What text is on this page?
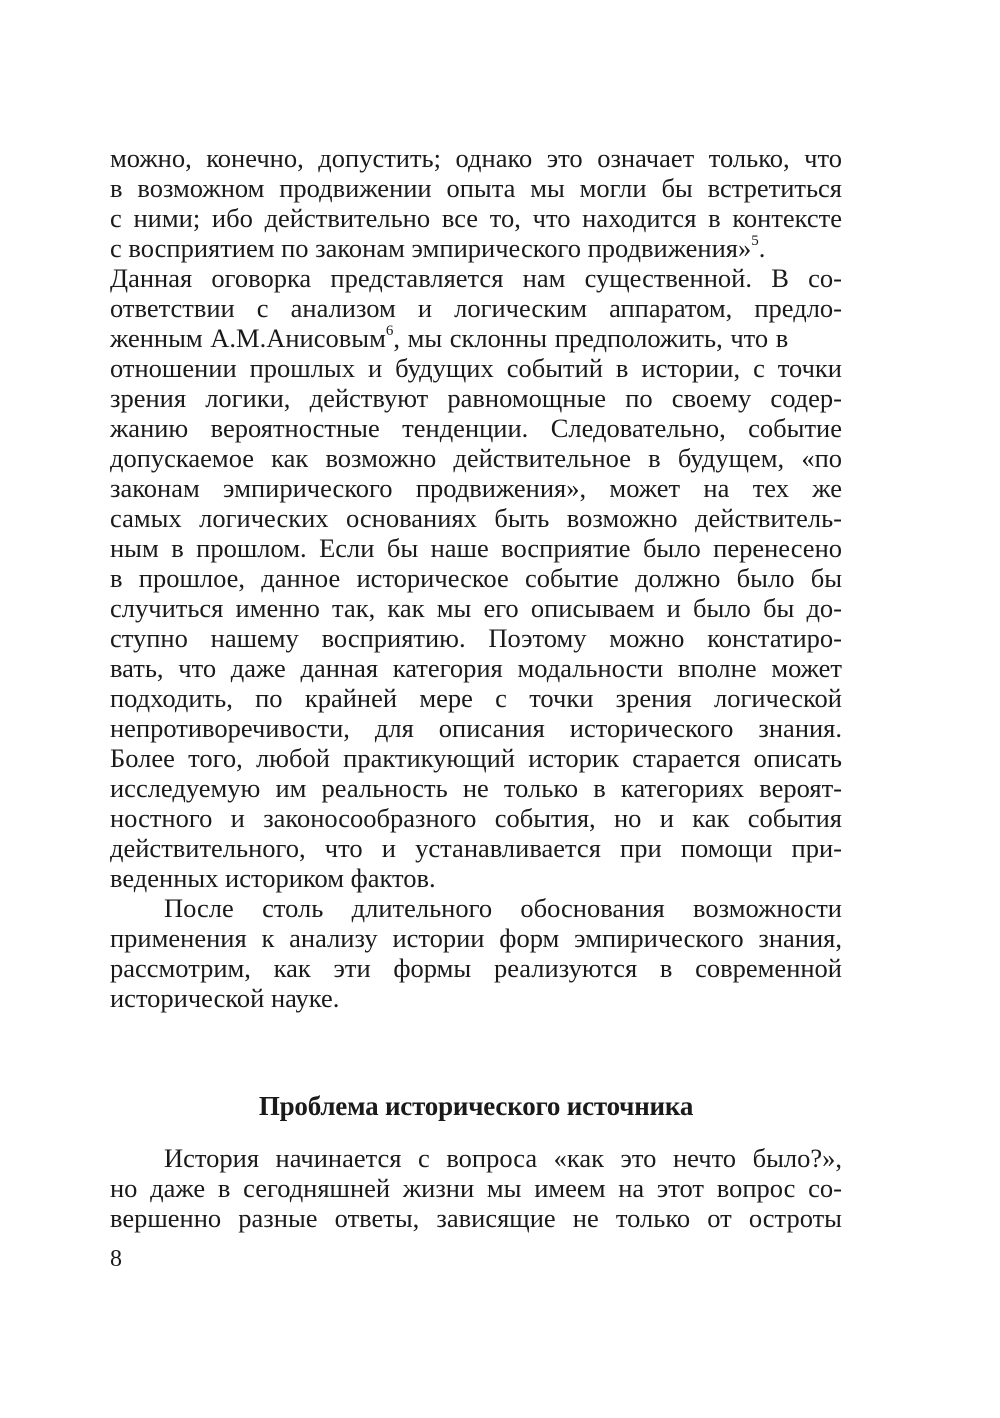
можно, конечно, допустить; однако это означает только, что
в возможном продвижении опыта мы могли бы встретиться
с ними; ибо действительно все то, что находится в контексте
с восприятием по законам эмпирического продвижения»$^5$.
Данная оговорка представляется нам существенной. В со-
ответствии с анализом и логическим аппаратом, предло-
женным А.М.Анисовым$^6$, мы склонны предположить, что в
отношении прошлых и будущих событий в истории, с точки
зрения логики, действуют равномощные по своему содер-
жанию вероятностные тенденции. Следовательно, событие
допускаемое как возможно действительное в будущем, «по
законам эмпирического продвижения», может на тех же
самых логических основаниях быть возможно действитель-
ным в прошлом. Если бы наше восприятие было перенесено
в прошлое, данное историческое событие должно было бы
случиться именно так, как мы его описываем и было бы до-
ступно нашему восприятию. Поэтому можно констатиро-
вать, что даже данная категория модальности вполне может
подходить, по крайней мере с точки зрения логической
непротиворечивости, для описания исторического знания.
Более того, любой практикующий историк старается описать
исследуемую им реальность не только в категориях вероят-
ностного и законосообразного события, но и как события
действительного, что и устанавливается при помощи при-
веденных историком фактов.

После столь длительного обоснования возможности
применения к анализу истории форм эмпирического знания,
рассмотрим, как эти формы реализуются в современной
исторической науке.

Проблема исторического источника

История начинается с вопроса «как это нечто было?»,
но даже в сегодняшней жизни мы имеем на этот вопрос со-
вершенно разные ответы, зависящие не только от остроты

8
